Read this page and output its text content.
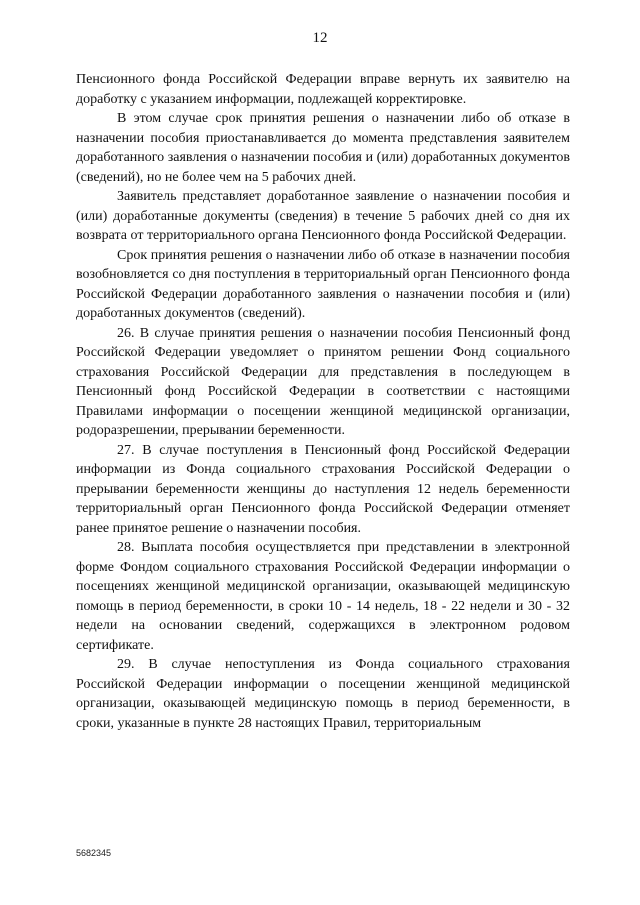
12

Пенсионного фонда Российской Федерации вправе вернуть их заявителю на доработку с указанием информации, подлежащей корректировке.

В этом случае срок принятия решения о назначении либо об отказе в назначении пособия приостанавливается до момента представления заявителем доработанного заявления о назначении пособия и (или) доработанных документов (сведений), но не более чем на 5 рабочих дней.

Заявитель представляет доработанное заявление о назначении пособия и (или) доработанные документы (сведения) в течение 5 рабочих дней со дня их возврата от территориального органа Пенсионного фонда Российской Федерации.

Срок принятия решения о назначении либо об отказе в назначении пособия возобновляется со дня поступления в территориальный орган Пенсионного фонда Российской Федерации доработанного заявления о назначении пособия и (или) доработанных документов (сведений).

26. В случае принятия решения о назначении пособия Пенсионный фонд Российской Федерации уведомляет о принятом решении Фонд социального страхования Российской Федерации для представления в последующем в Пенсионный фонд Российской Федерации в соответствии с настоящими Правилами информации о посещении женщиной медицинской организации, родоразрешении, прерывании беременности.

27. В случае поступления в Пенсионный фонд Российской Федерации информации из Фонда социального страхования Российской Федерации о прерывании беременности женщины до наступления 12 недель беременности территориальный орган Пенсионного фонда Российской Федерации отменяет ранее принятое решение о назначении пособия.

28. Выплата пособия осуществляется при представлении в электронной форме Фондом социального страхования Российской Федерации информации о посещениях женщиной медицинской организации, оказывающей медицинскую помощь в период беременности, в сроки 10 - 14 недель, 18 - 22 недели и 30 - 32 недели на основании сведений, содержащихся в электронном родовом сертификате.

29. В случае непоступления из Фонда социального страхования Российской Федерации информации о посещении женщиной медицинской организации, оказывающей медицинскую помощь в период беременности, в сроки, указанные в пункте 28 настоящих Правил, территориальным

5682345
